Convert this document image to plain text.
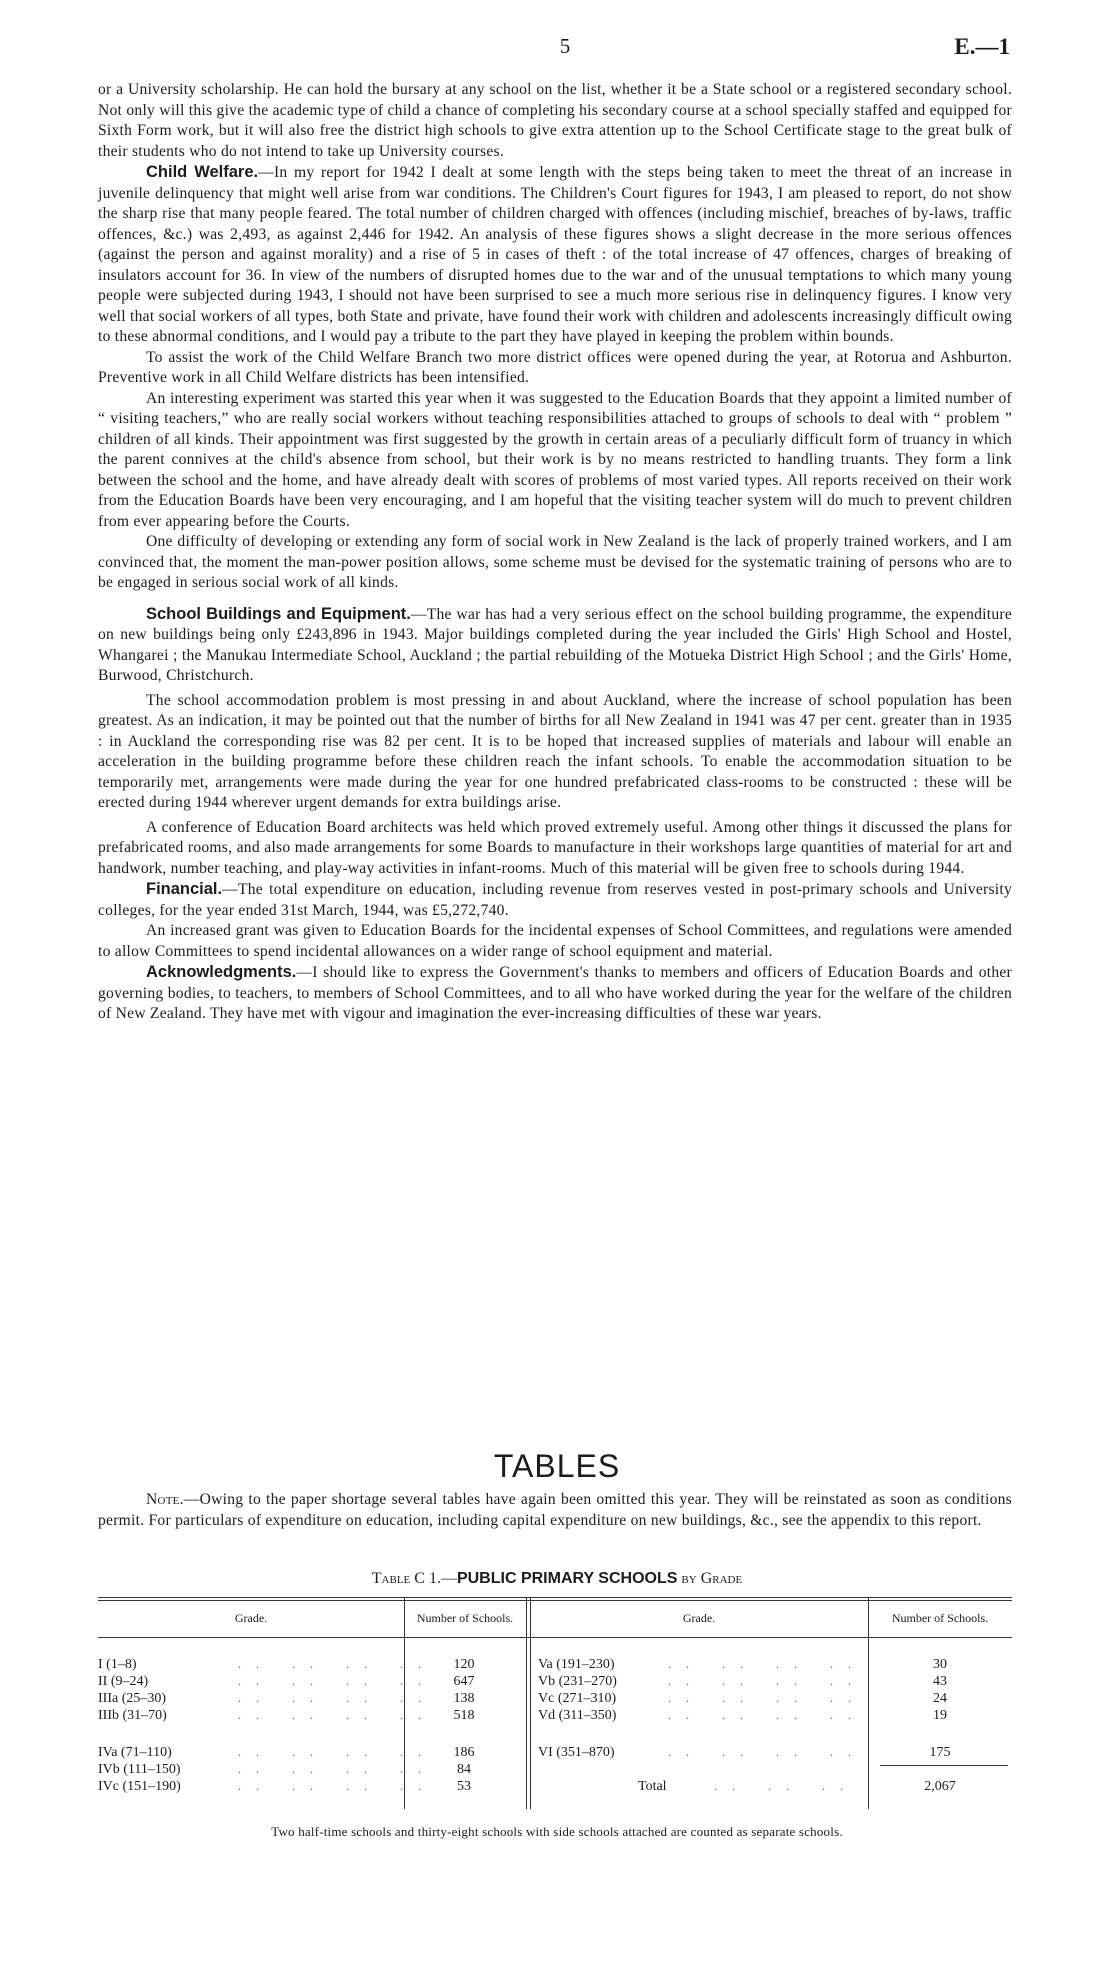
5	E.—1

or a University scholarship. He can hold the bursary at any school on the list, whether it be a State school or a registered secondary school. Not only will this give the academic type of child a chance of completing his secondary course at a school specially staffed and equipped for Sixth Form work, but it will also free the district high schools to give extra attention up to the School Certificate stage to the great bulk of their students who do not intend to take up University courses.

Child Welfare.—In my report for 1942 I dealt at some length with the steps being taken to meet the threat of an increase in juvenile delinquency that might well arise from war conditions. The Children's Court figures for 1943, I am pleased to report, do not show the sharp rise that many people feared. The total number of children charged with offences (including mischief, breaches of by-laws, traffic offences, &c.) was 2,493, as against 2,446 for 1942. An analysis of these figures shows a slight decrease in the more serious offences (against the person and against morality) and a rise of 5 in cases of theft : of the total increase of 47 offences, charges of breaking of insulators account for 36. In view of the numbers of disrupted homes due to the war and of the unusual temptations to which many young people were subjected during 1943, I should not have been surprised to see a much more serious rise in delinquency figures. I know very well that social workers of all types, both State and private, have found their work with children and adolescents increasingly difficult owing to these abnormal conditions, and I would pay a tribute to the part they have played in keeping the problem within bounds.

To assist the work of the Child Welfare Branch two more district offices were opened during the year, at Rotorua and Ashburton. Preventive work in all Child Welfare districts has been intensified.

An interesting experiment was started this year when it was suggested to the Education Boards that they appoint a limited number of “ visiting teachers,” who are really social workers without teaching responsibilities attached to groups of schools to deal with “ problem ” children of all kinds. Their appointment was first suggested by the growth in certain areas of a peculiarly difficult form of truancy in which the parent connives at the child's absence from school, but their work is by no means restricted to handling truants. They form a link between the school and the home, and have already dealt with scores of problems of most varied types. All reports received on their work from the Education Boards have been very encouraging, and I am hopeful that the visiting teacher system will do much to prevent children from ever appearing before the Courts.

One difficulty of developing or extending any form of social work in New Zealand is the lack of properly trained workers, and I am convinced that, the moment the man-power position allows, some scheme must be devised for the systematic training of persons who are to be engaged in serious social work of all kinds.

School Buildings and Equipment.—The war has had a very serious effect on the school building programme, the expenditure on new buildings being only £243,896 in 1943. Major buildings completed during the year included the Girls' High School and Hostel, Whangarei ; the Manukau Intermediate School, Auckland ; the partial rebuilding of the Motueka District High School ; and the Girls' Home, Burwood, Christchurch.

The school accommodation problem is most pressing in and about Auckland, where the increase of school population has been greatest. As an indication, it may be pointed out that the number of births for all New Zealand in 1941 was 47 per cent. greater than in 1935 : in Auckland the corresponding rise was 82 per cent. It is to be hoped that increased supplies of materials and labour will enable an acceleration in the building programme before these children reach the infant schools. To enable the accommodation situation to be temporarily met, arrangements were made during the year for one hundred prefabricated class-rooms to be constructed : these will be erected during 1944 wherever urgent demands for extra buildings arise.

A conference of Education Board architects was held which proved extremely useful. Among other things it discussed the plans for prefabricated rooms, and also made arrangements for some Boards to manufacture in their workshops large quantities of material for art and handwork, number teaching, and play-way activities in infant-rooms. Much of this material will be given free to schools during 1944.

Financial.—The total expenditure on education, including revenue from reserves vested in post-primary schools and University colleges, for the year ended 31st March, 1944, was £5,272,740.

An increased grant was given to Education Boards for the incidental expenses of School Committees, and regulations were amended to allow Committees to spend incidental allowances on a wider range of school equipment and material.

Acknowledgments.—I should like to express the Government's thanks to members and officers of Education Boards and other governing bodies, to teachers, to members of School Committees, and to all who have worked during the year for the welfare of the children of New Zealand. They have met with vigour and imagination the ever-increasing difficulties of these war years.

TABLES
Note.—Owing to the paper shortage several tables have again been omitted this year. They will be reinstated as soon as conditions permit. For particulars of expenditure on education, including capital expenditure on new buildings, &c., see the appendix to this report.
Table C 1.—PUBLIC PRIMARY SCHOOLS by Grade
Grade.	Number of Schools.	Grade.	Number of Schools.
I (1–8)	. .   . .   . .   . .	120
II (9–24)	. .   . .   . .   . .	647
IIIa (25–30)	. .   . .   . .   . .	138
IIIb (31–70)	. .   . .   . .   . .	518
IVa (71–110)	. .   . .   . .   . .	186
IVb (111–150)	. .   . .   . .   . .	84
IVc (151–190)	. .   . .   . .   . .	53
Va (191–230)	. .   . .   . .   . .	30
Vb (231–270)	. .   . .   . .   . .	43
Vc (271–310)	. .   . .   . .   . .	24
Vd (311–350)	. .   . .   . .   . .	19
VI (351–870)	. .   . .   . .   . .	175
Total	. .   . .   . .	2,067
Two half-time schools and thirty-eight schools with side schools attached are counted as separate schools.
